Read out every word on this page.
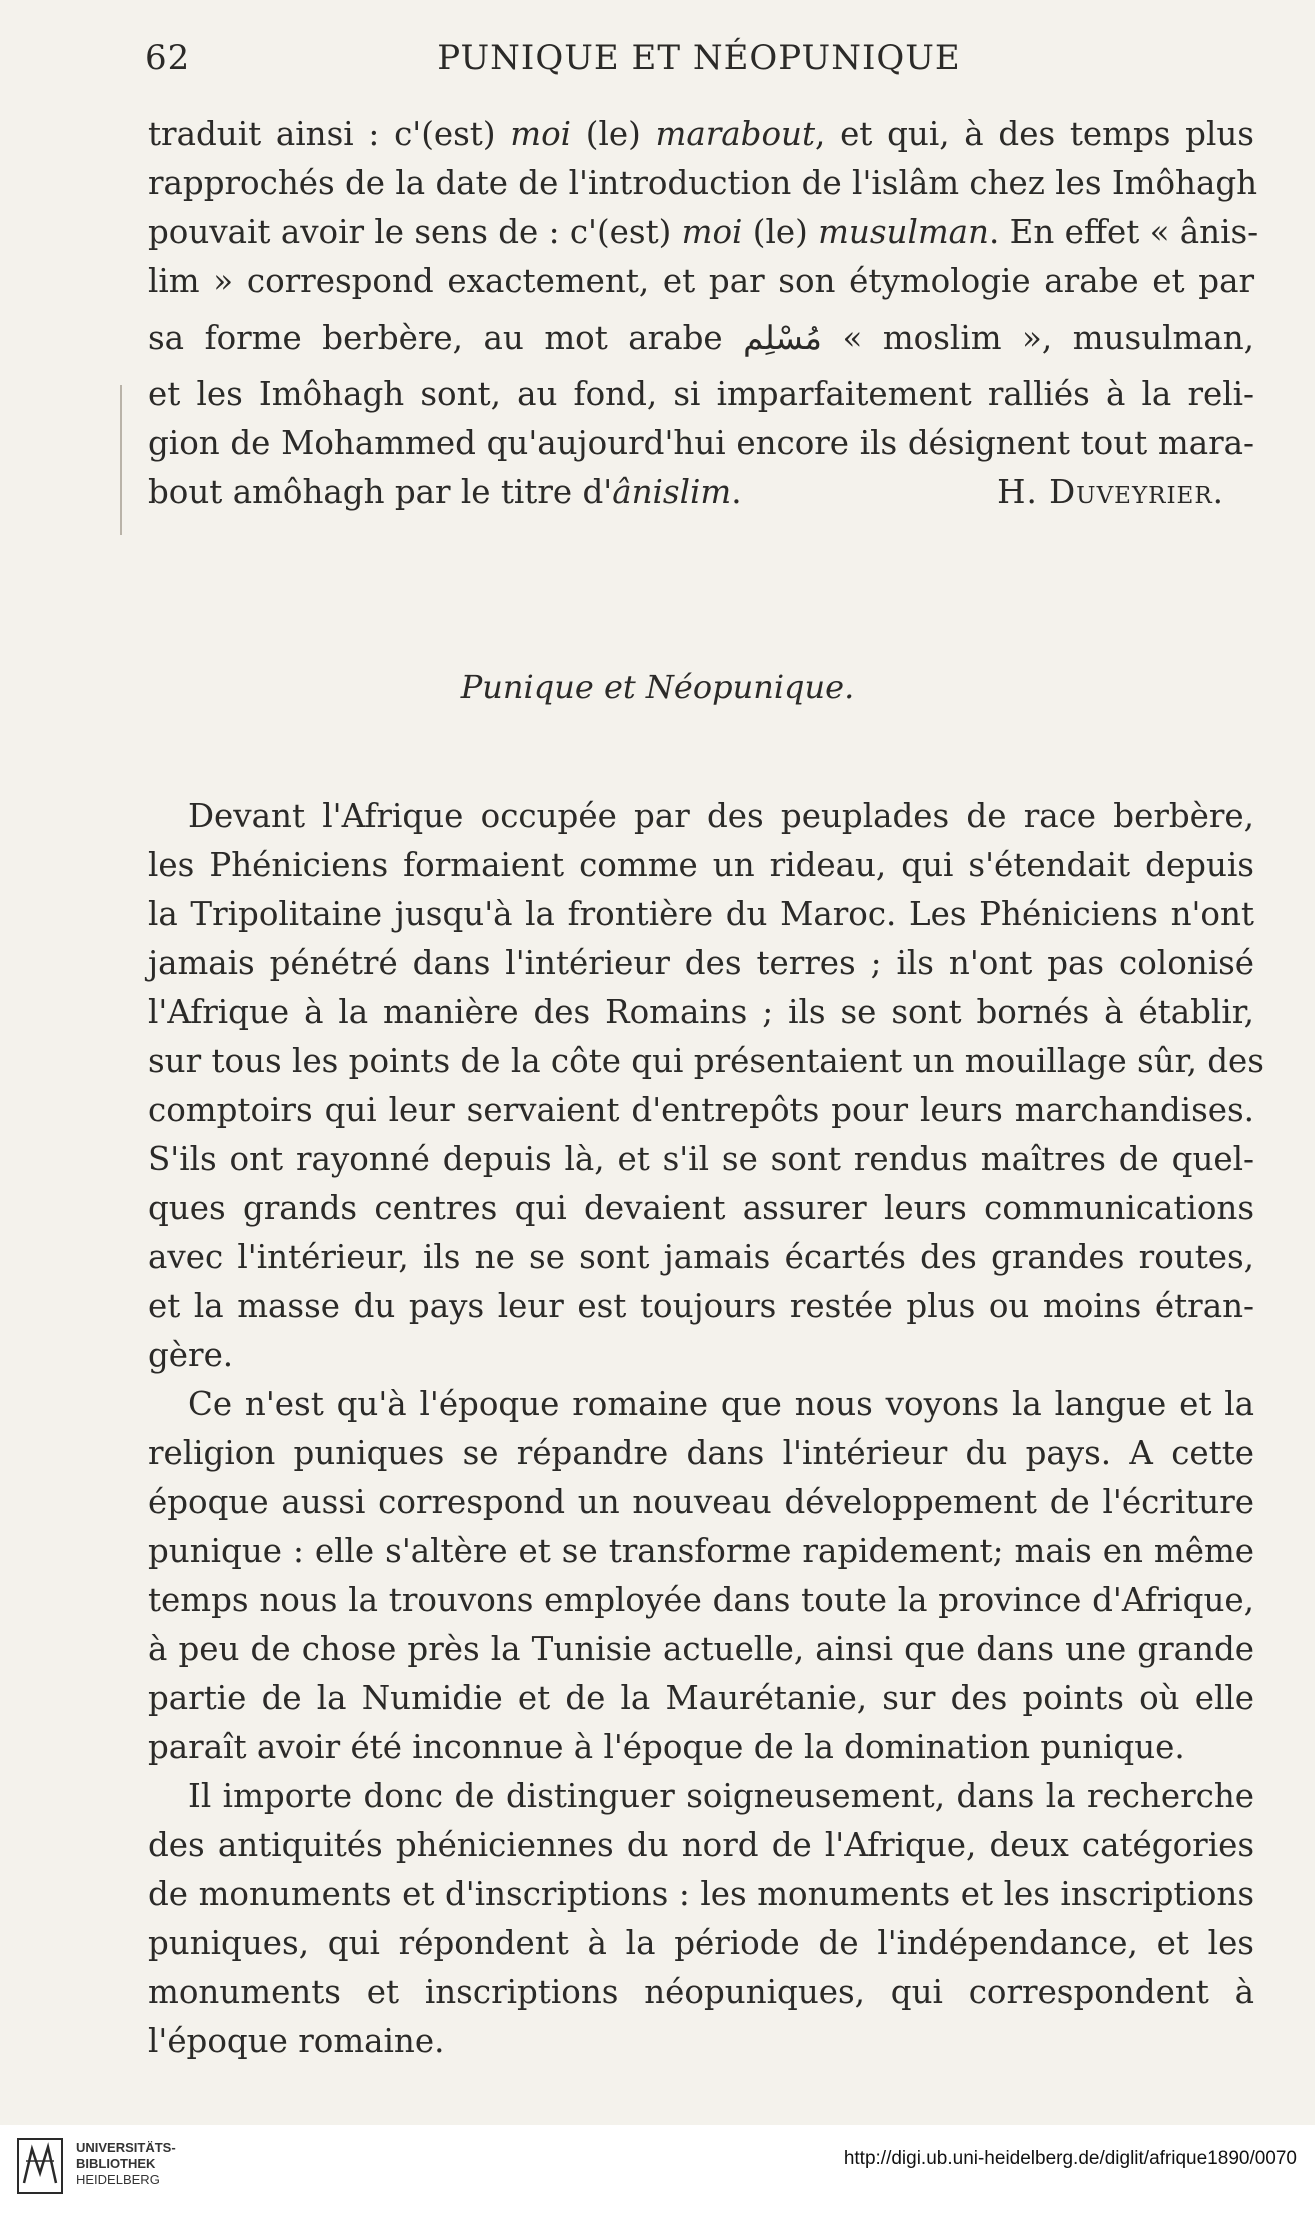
62	PUNIQUE ET NÉOPUNIQUE
traduit ainsi : c'(est) moi (le) marabout, et qui, à des temps plus
rapprochés de la date de l'introduction de l'islâm chez les Imôhagh
pouvait avoir le sens de : c'(est) moi (le) musulman. En effet « ânis-
lim » correspond exactement, et par son étymologie arabe et par
sa forme berbère, au mot arabe مُسْلِم « moslim », musulman,
et les Imôhagh sont, au fond, si imparfaitement ralliés à la reli-
gion de Mohammed qu'aujourd'hui encore ils désignent tout mara-
bout amôhagh par le titre d'ânislim.	H. Duveyrier.
Punique et Néopunique.
Devant l'Afrique occupée par des peuplades de race berbère,
les Phéniciens formaient comme un rideau, qui s'étendait depuis
la Tripolitaine jusqu'à la frontière du Maroc. Les Phéniciens n'ont
jamais pénétré dans l'intérieur des terres ; ils n'ont pas colonisé
l'Afrique à la manière des Romains ; ils se sont bornés à établir,
sur tous les points de la côte qui présentaient un mouillage sûr, des
comptoirs qui leur servaient d'entrepôts pour leurs marchandises.
S'ils ont rayonné depuis là, et s'il se sont rendus maîtres de quel-
ques grands centres qui devaient assurer leurs communications
avec l'intérieur, ils ne se sont jamais écartés des grandes routes,
et la masse du pays leur est toujours restée plus ou moins étran-
gère.
Ce n'est qu'à l'époque romaine que nous voyons la langue et la
religion puniques se répandre dans l'intérieur du pays. A cette
époque aussi correspond un nouveau développement de l'écriture
punique : elle s'altère et se transforme rapidement; mais en même
temps nous la trouvons employée dans toute la province d'Afrique,
à peu de chose près la Tunisie actuelle, ainsi que dans une grande
partie de la Numidie et de la Maurétanie, sur des points où elle
paraît avoir été inconnue à l'époque de la domination punique.
Il importe donc de distinguer soigneusement, dans la recherche
des antiquités phéniciennes du nord de l'Afrique, deux catégories
de monuments et d'inscriptions : les monuments et les inscriptions
puniques, qui répondent à la période de l'indépendance, et les
monuments et inscriptions néopuniques, qui correspondent à
l'époque romaine.
UNIVERSITÄTS-
BIBLIOTHEK
HEIDELBERG
http://digi.ub.uni-heidelberg.de/diglit/afrique1890/0070
